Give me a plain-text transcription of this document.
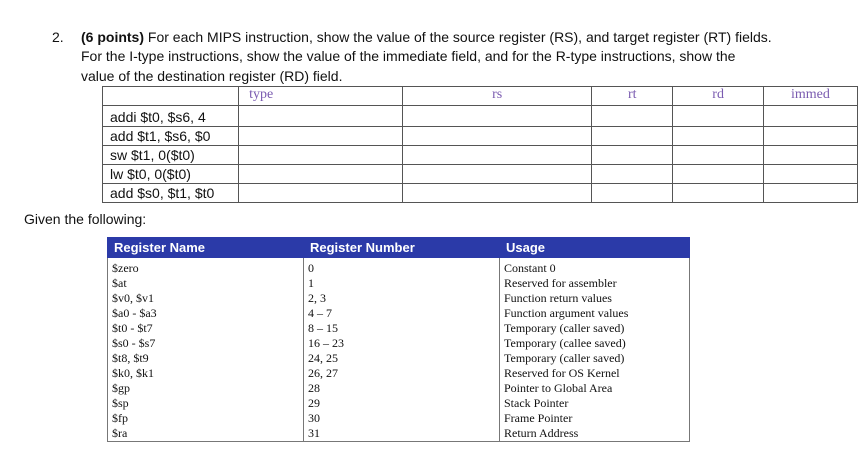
2. (6 points) For each MIPS instruction, show the value of the source register (RS), and target register (RT) fields.
For the I-type instructions, show the value of the immediate field, and for the R-type instructions, show the
value of the destination register (RD) field.
	type	rs	rt	rd	immed
addi $t0, $s6, 4					
add $t1, $s6, $0					
sw $t1, 0($t0)					
lw $t0, 0($t0)					
add $s0, $t1, $t0					
Given the following:
Register Name	Register Number	Usage
$zero	0	Constant 0
$at	1	Reserved for assembler
$v0, $v1	2, 3	Function return values
$a0 - $a3	4 – 7	Function argument values
$t0 - $t7	8 – 15	Temporary (caller saved)
$s0 - $s7	16 – 23	Temporary (callee saved)
$t8, $t9	24, 25	Temporary (caller saved)
$k0, $k1	26, 27	Reserved for OS Kernel
$gp	28	Pointer to Global Area
$sp	29	Stack Pointer
$fp	30	Frame Pointer
$ra	31	Return Address
